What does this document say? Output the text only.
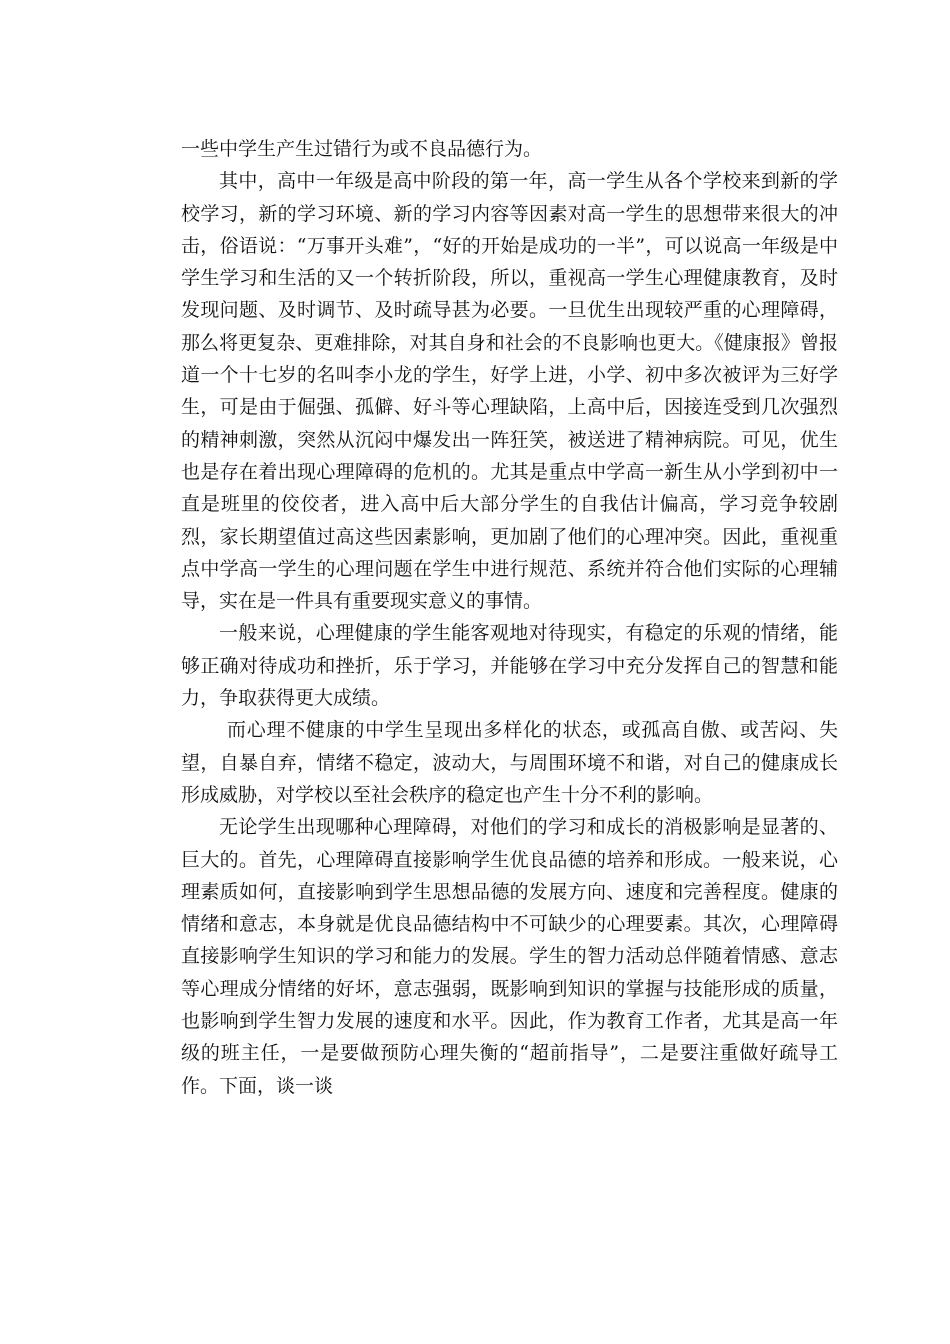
一些中学生产生过错行为或不良品德行为。

其中，高中一年级是高中阶段的第一年，高一学生从各个学校来到新的学校学习，新的学习环境、新的学习内容等因素对高一学生的思想带来很大的冲击，俗语说：“万事开头难”，“好的开始是成功的一半”，可以说高一年级是中学生学习和生活的又一个转折阶段，所以，重视高一学生心理健康教育，及时发现问题、及时调节、及时疏导甚为必要。一旦优生出现较严重的心理障碍，那么将更复杂、更难排除，对其自身和社会的不良影响也更大。《健康报》曾报道一个十七岁的名叫李小龙的学生，好学上进，小学、初中多次被评为三好学生，可是由于倔强、孤僻、好斗等心理缺陷，上高中后，因接连受到几次强烈的精神刺激，突然从沉闷中爆发出一阵狂笑，被送进了精神病院。可见，优生也是存在着出现心理障碍的危机的。尤其是重点中学高一新生从小学到初中一直是班里的佼佼者，进入高中后大部分学生的自我估计偏高，学习竞争较剧烈，家长期望值过高这些因素影响，更加剧了他们的心理冲突。因此，重视重点中学高一学生的心理问题在学生中进行规范、系统并符合他们实际的心理辅导，实在是一件具有重要现实意义的事情。

一般来说，心理健康的学生能客观地对待现实，有稳定的乐观的情绪，能够正确对待成功和挫折，乐于学习，并能够在学习中充分发挥自己的智慧和能力，争取获得更大成绩。

而心理不健康的中学生呈现出多样化的状态，或孤高自傲、或苦闷、失望，自暴自弃，情绪不稳定，波动大，与周围环境不和谐，对自己的健康成长形成威胁，对学校以至社会秩序的稳定也产生十分不利的影响。

无论学生出现哪种心理障碍，对他们的学习和成长的消极影响是显著的、巨大的。首先，心理障碍直接影响学生优良品德的培养和形成。一般来说，心理素质如何，直接影响到学生思想品德的发展方向、速度和完善程度。健康的情绪和意志，本身就是优良品德结构中不可缺少的心理要素。其次，心理障碍直接影响学生知识的学习和能力的发展。学生的智力活动总伴随着情感、意志等心理成分情绪的好坏，意志强弱，既影响到知识的掌握与技能形成的质量，也影响到学生智力发展的速度和水平。因此，作为教育工作者，尤其是高一年级的班主任，一是要做预防心理失衡的“超前指导”，二是要注重做好疏导工作。下面，谈一谈
